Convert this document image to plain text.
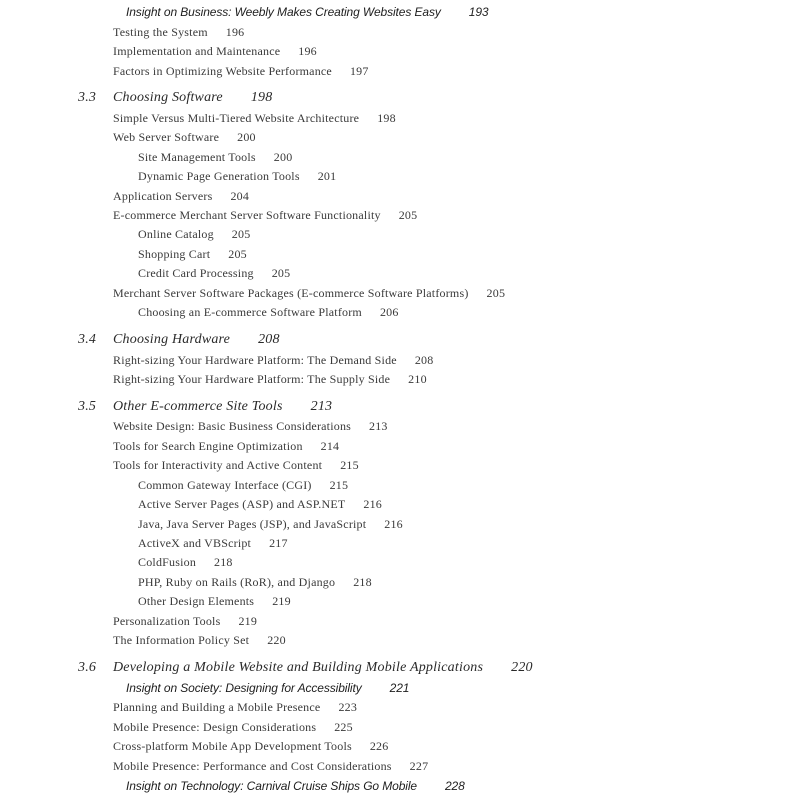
Insight on Business: Weebly Makes Creating Websites Easy 193
Testing the System 196
Implementation and Maintenance 196
Factors in Optimizing Website Performance 197
3.3 Choosing Software 198
Simple Versus Multi-Tiered Website Architecture 198
Web Server Software 200
Site Management Tools 200
Dynamic Page Generation Tools 201
Application Servers 204
E-commerce Merchant Server Software Functionality 205
Online Catalog 205
Shopping Cart 205
Credit Card Processing 205
Merchant Server Software Packages (E-commerce Software Platforms) 205
Choosing an E-commerce Software Platform 206
3.4 Choosing Hardware 208
Right-sizing Your Hardware Platform: The Demand Side 208
Right-sizing Your Hardware Platform: The Supply Side 210
3.5 Other E-commerce Site Tools 213
Website Design: Basic Business Considerations 213
Tools for Search Engine Optimization 214
Tools for Interactivity and Active Content 215
Common Gateway Interface (CGI) 215
Active Server Pages (ASP) and ASP.NET 216
Java, Java Server Pages (JSP), and JavaScript 216
ActiveX and VBScript 217
ColdFusion 218
PHP, Ruby on Rails (RoR), and Django 218
Other Design Elements 219
Personalization Tools 219
The Information Policy Set 220
3.6 Developing a Mobile Website and Building Mobile Applications 220
Insight on Society: Designing for Accessibility 221
Planning and Building a Mobile Presence 223
Mobile Presence: Design Considerations 225
Cross-platform Mobile App Development Tools 226
Mobile Presence: Performance and Cost Considerations 227
Insight on Technology: Carnival Cruise Ships Go Mobile 228
